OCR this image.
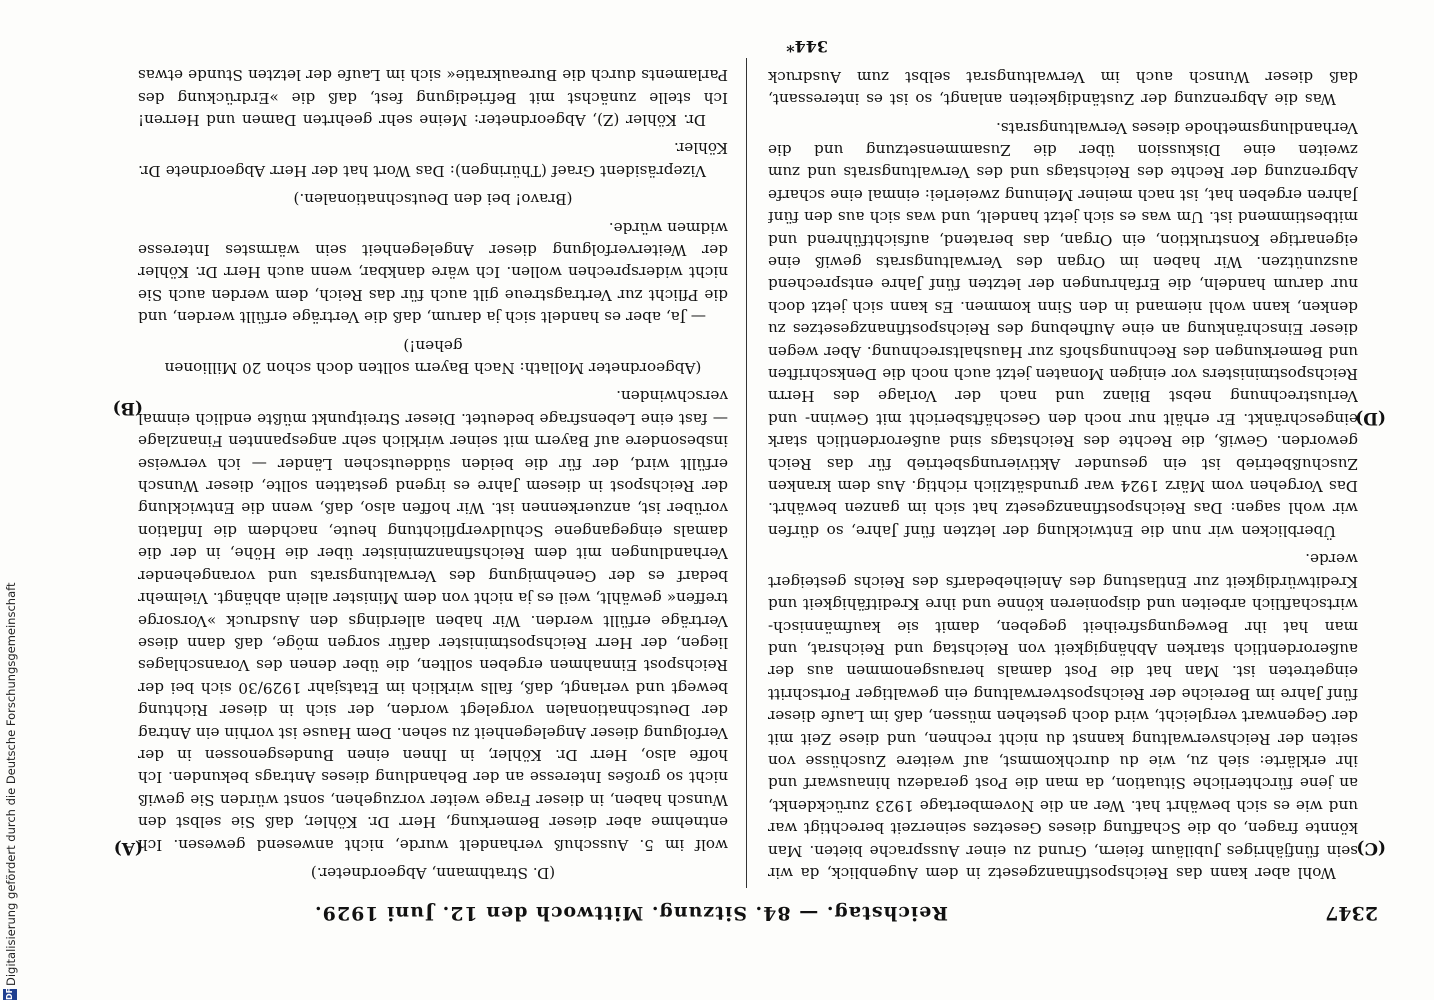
2347
Reichstag. — 84. Sitzung. Mittwoch den 12. Juni 1929.
(C)
(D)
(A)
(B)

Wohl aber kann das Reichspostfinanzgesetz in dem Augenblick, da wir sein fünfjähriges Jubiläum feiern, Grund zu einer Aussprache bieten. Man könnte fragen, ob die Schaffung dieses Gesetzes seinerzeit berechtigt war und wie es sich bewährt hat. Wer an die Novembertage 1923 zurückdenkt, an jene fürchterliche Situation, da man die Post geradezu hinauswarf und ihr erklärte: sieh zu, wie du durchkommst, auf weitere Zuschüsse von seiten der Reichsverwaltung kannst du nicht rechnen, und diese Zeit mit der Gegenwart vergleicht, wird doch gestehen müssen, daß im Laufe dieser fünf Jahre im Bereiche der Reichspostverwaltung ein gewaltiger Fortschritt eingetreten ist. Man hat die Post damals herausgenommen aus der außerordentlich starken Abhängigkeit von Reichstag und Reichsrat, und man hat ihr Bewegungsfreiheit gegeben, damit sie kaufmännisch-wirtschaftlich arbeiten und disponieren könne und ihre Kreditfähigkeit und Kreditwürdigkeit zur Entlastung des Anleihebedarfs des Reichs gesteigert werde.

Überblicken wir nun die Entwicklung der letzten fünf Jahre, so dürfen wir wohl sagen: Das Reichspostfinanzgesetz hat sich im ganzen bewährt. Das Vorgehen vom März 1924 war grundsätzlich richtig. Aus dem kranken Zuschußbetrieb ist ein gesunder Aktivierungsbetrieb für das Reich geworden. Gewiß, die Rechte des Reichstags sind außerordentlich stark eingeschränkt. Er erhält nur noch den Geschäftsbericht mit Gewinn- und Verlustrechnung nebst Bilanz und nach der Vorlage des Herrn Reichspostministers vor einigen Monaten jetzt auch noch die Denkschriften und Bemerkungen des Rechnungshofs zur Haushaltsrechnung. Aber wegen dieser Einschränkung an eine Aufhebung des Reichspostfinanzgesetzes zu denken, kann wohl niemand in den Sinn kommen. Es kann sich jetzt doch nur darum handeln, die Erfahrungen der letzten fünf Jahre entsprechend auszunützen. Wir haben im Organ des Verwaltungsrats gewiß eine eigenartige Konstruktion, ein Organ, das beratend, aufsichtführend und mitbestimmend ist. Um was es sich jetzt handelt, und was sich aus den fünf Jahren ergeben hat, ist nach meiner Meinung zweierlei: einmal eine scharfe Abgrenzung der Rechte des Reichstags und des Verwaltungsrats und zum zweiten eine Diskussion über die Zusammensetzung und die Verhandlungsmethode dieses Verwaltungsrats.

Was die Abgrenzung der Zuständigkeiten anlangt, so ist es interessant, daß dieser Wunsch auch im Verwaltungsrat selbst zum Ausdruck

(D. Strathmann, Abgeordneter.)

wolf im 5. Ausschuß verhandelt wurde, nicht anwesend gewesen. Ich entnehme aber dieser Bemerkung, Herr Dr. Köhler, daß Sie selbst den Wunsch haben, in dieser Frage weiter vorzugehen, sonst würden Sie gewiß nicht so großes Interesse an der Behandlung dieses Antrags bekunden. Ich hoffe also, Herr Dr. Köhler, in Ihnen einen Bundesgenossen in der Verfolgung dieser Angelegenheit zu sehen. Dem Hause ist vorhin ein Antrag der Deutschnationalen vorgelegt worden, der sich in dieser Richtung bewegt und verlangt, daß, falls wirklich im Etatsjahr 1929/30 sich bei der Reichspost Einnahmen ergeben sollten, die über denen des Voranschlages liegen, der Herr Reichspostminister dafür sorgen möge, daß dann diese Verträge erfüllt werden. Wir haben allerdings den Ausdruck »Vorsorge treffen« gewählt, weil es ja nicht von dem Minister allein abhängt. Vielmehr bedarf es der Genehmigung des Verwaltungsrats und vorangehender Verhandlungen mit dem Reichsfinanzminister über die Höhe, in der die damals eingegangene Schuldverpflichtung heute, nachdem die Inflation vorüber ist, anzuerkennen ist. Wir hoffen also, daß, wenn die Entwicklung der Reichspost in diesem Jahre es irgend gestatten sollte, dieser Wunsch erfüllt wird, der für die beiden süddeutschen Länder — ich verweise insbesondere auf Bayern mit seiner wirklich sehr angespannten Finanzlage — fast eine Lebensfrage bedeutet. Dieser Streitpunkt müßte endlich einmal verschwinden.

(Abgeordneter Mollath: Nach Bayern sollten doch schon 20 Millionen gehen!)

— Ja, aber es handelt sich ja darum, daß die Verträge erfüllt werden, und die Pflicht zur Vertragstreue gilt auch für das Reich, dem werden auch Sie nicht widersprechen wollen. Ich wäre dankbar, wenn auch Herr Dr. Köhler der Weiterverfolgung dieser Angelegenheit sein wärmstes Interesse widmen würde.

(Bravo! bei den Deutschnationalen.)

Vizepräsident Graef (Thüringen): Das Wort hat der Herr Abgeordnete Dr. Köhler.

Dr. Köhler (Z), Abgeordneter: Meine sehr geehrten Damen und Herren! Ich stelle zunächst mit Befriedigung fest, daß die »Erdrückung des Parlaments durch die Bureaukratie« sich im Laufe der letzten Stunde etwas

344*
DFG
Digitalisierung gefördert durch die Deutsche Forschungsgemeinschaft
